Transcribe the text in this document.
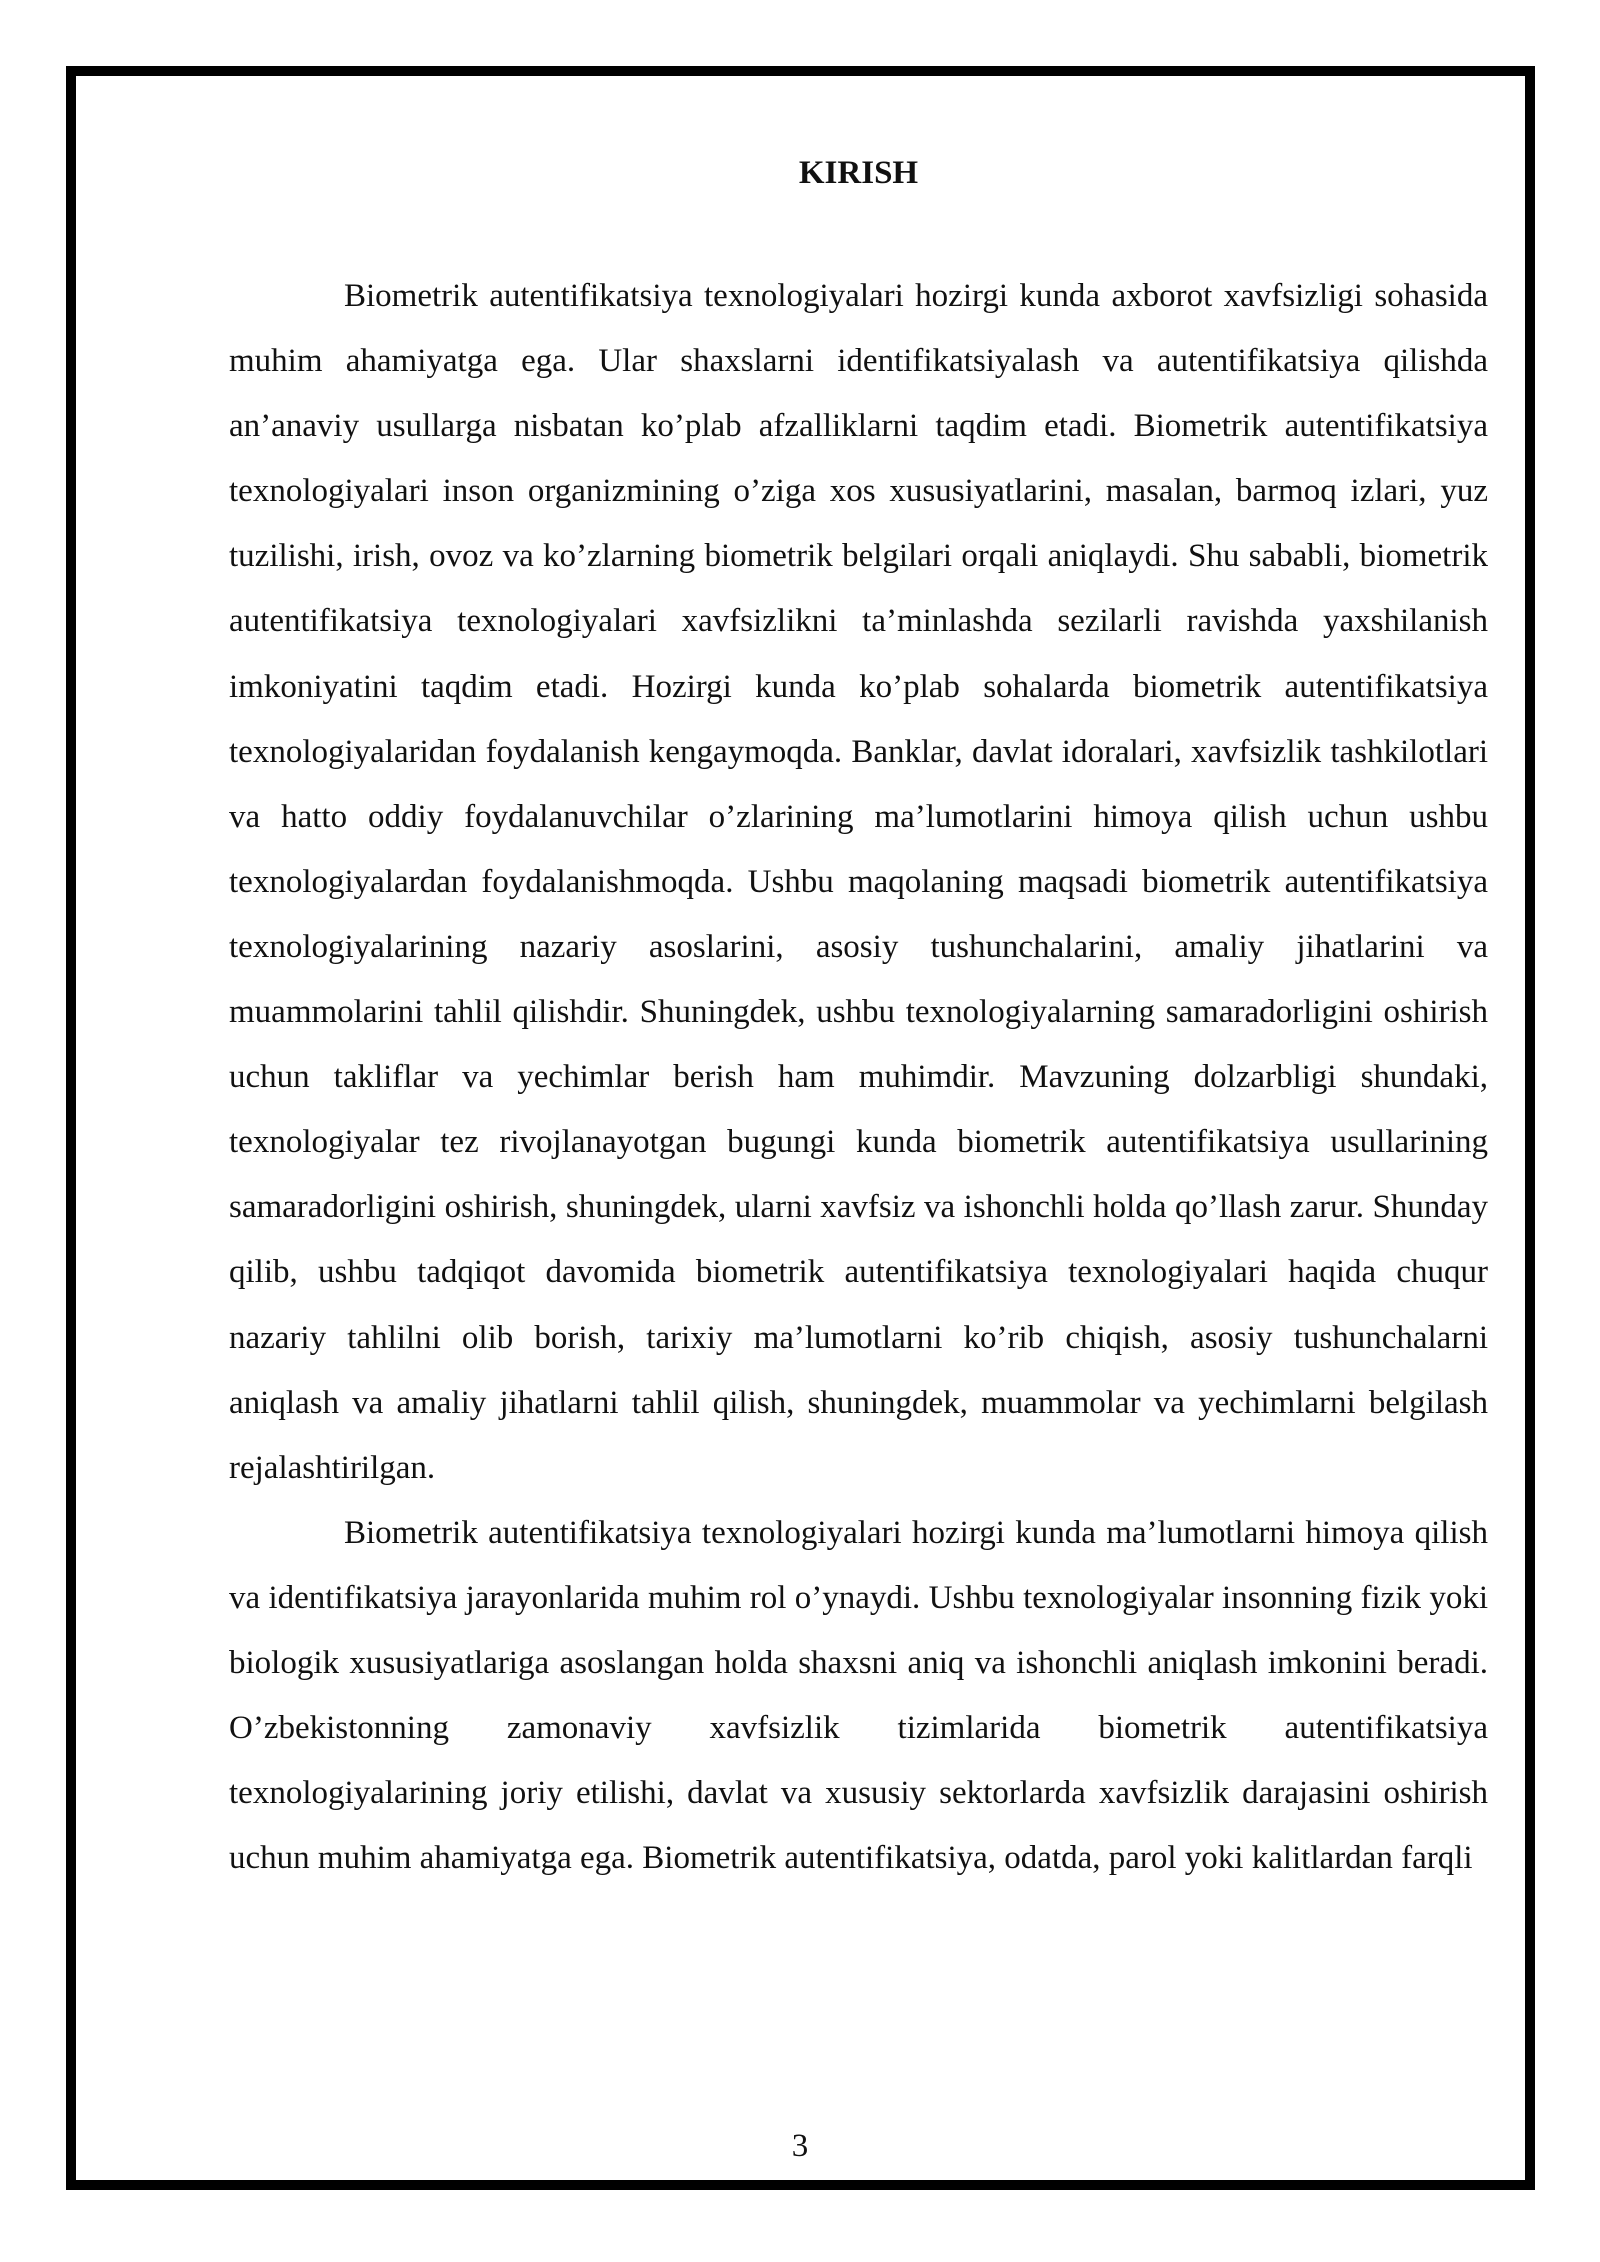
KIRISH

Biometrik autentifikatsiya texnologiyalari hozirgi kunda axborot xavfsizligi sohasida muhim ahamiyatga ega. Ular shaxslarni identifikatsiyalash va autentifikatsiya qilishda an’anaviy usullarga nisbatan ko’plab afzalliklarni taqdim etadi. Biometrik autentifikatsiya texnologiyalari inson organizmining o’ziga xos xususiyatlarini, masalan, barmoq izlari, yuz tuzilishi, irish, ovoz va ko’zlarning biometrik belgilari orqali aniqlaydi. Shu sababli, biometrik autentifikatsiya texnologiyalari xavfsizlikni ta’minlashda sezilarli ravishda yaxshilanish imkoniyatini taqdim etadi. Hozirgi kunda ko’plab sohalarda biometrik autentifikatsiya texnologiyalaridan foydalanish kengaymoqda. Banklar, davlat idoralari, xavfsizlik tashkilotlari va hatto oddiy foydalanuvchilar o’zlarining ma’lumotlarini himoya qilish uchun ushbu texnologiyalardan foydalanishmoqda. Ushbu maqolaning maqsadi biometrik autentifikatsiya texnologiyalarining nazariy asoslarini, asosiy tushunchalarini, amaliy jihatlarini va muammolarini tahlil qilishdir. Shuningdek, ushbu texnologiyalarning samaradorligini oshirish uchun takliflar va yechimlar berish ham muhimdir. Mavzuning dolzarbligi shundaki, texnologiyalar tez rivojlanayotgan bugungi kunda biometrik autentifikatsiya usullarining samaradorligini oshirish, shuningdek, ularni xavfsiz va ishonchli holda qo’llash zarur. Shunday qilib, ushbu tadqiqot davomida biometrik autentifikatsiya texnologiyalari haqida chuqur nazariy tahlilni olib borish, tarixiy ma’lumotlarni ko’rib chiqish, asosiy tushunchalarni aniqlash va amaliy jihatlarni tahlil qilish, shuningdek, muammolar va yechimlarni belgilash rejalashtirilgan.

Biometrik autentifikatsiya texnologiyalari hozirgi kunda ma’lumotlarni himoya qilish va identifikatsiya jarayonlarida muhim rol o’ynaydi. Ushbu texnologiyalar insonning fizik yoki biologik xususiyatlariga asoslangan holda shaxsni aniq va ishonchli aniqlash imkonini beradi. O’zbekistonning zamonaviy xavfsizlik tizimlarida biometrik autentifikatsiya texnologiyalarining joriy etilishi, davlat va xususiy sektorlarda xavfsizlik darajasini oshirish uchun muhim ahamiyatga ega. Biometrik autentifikatsiya, odatda, parol yoki kalitlardan farqli

3
